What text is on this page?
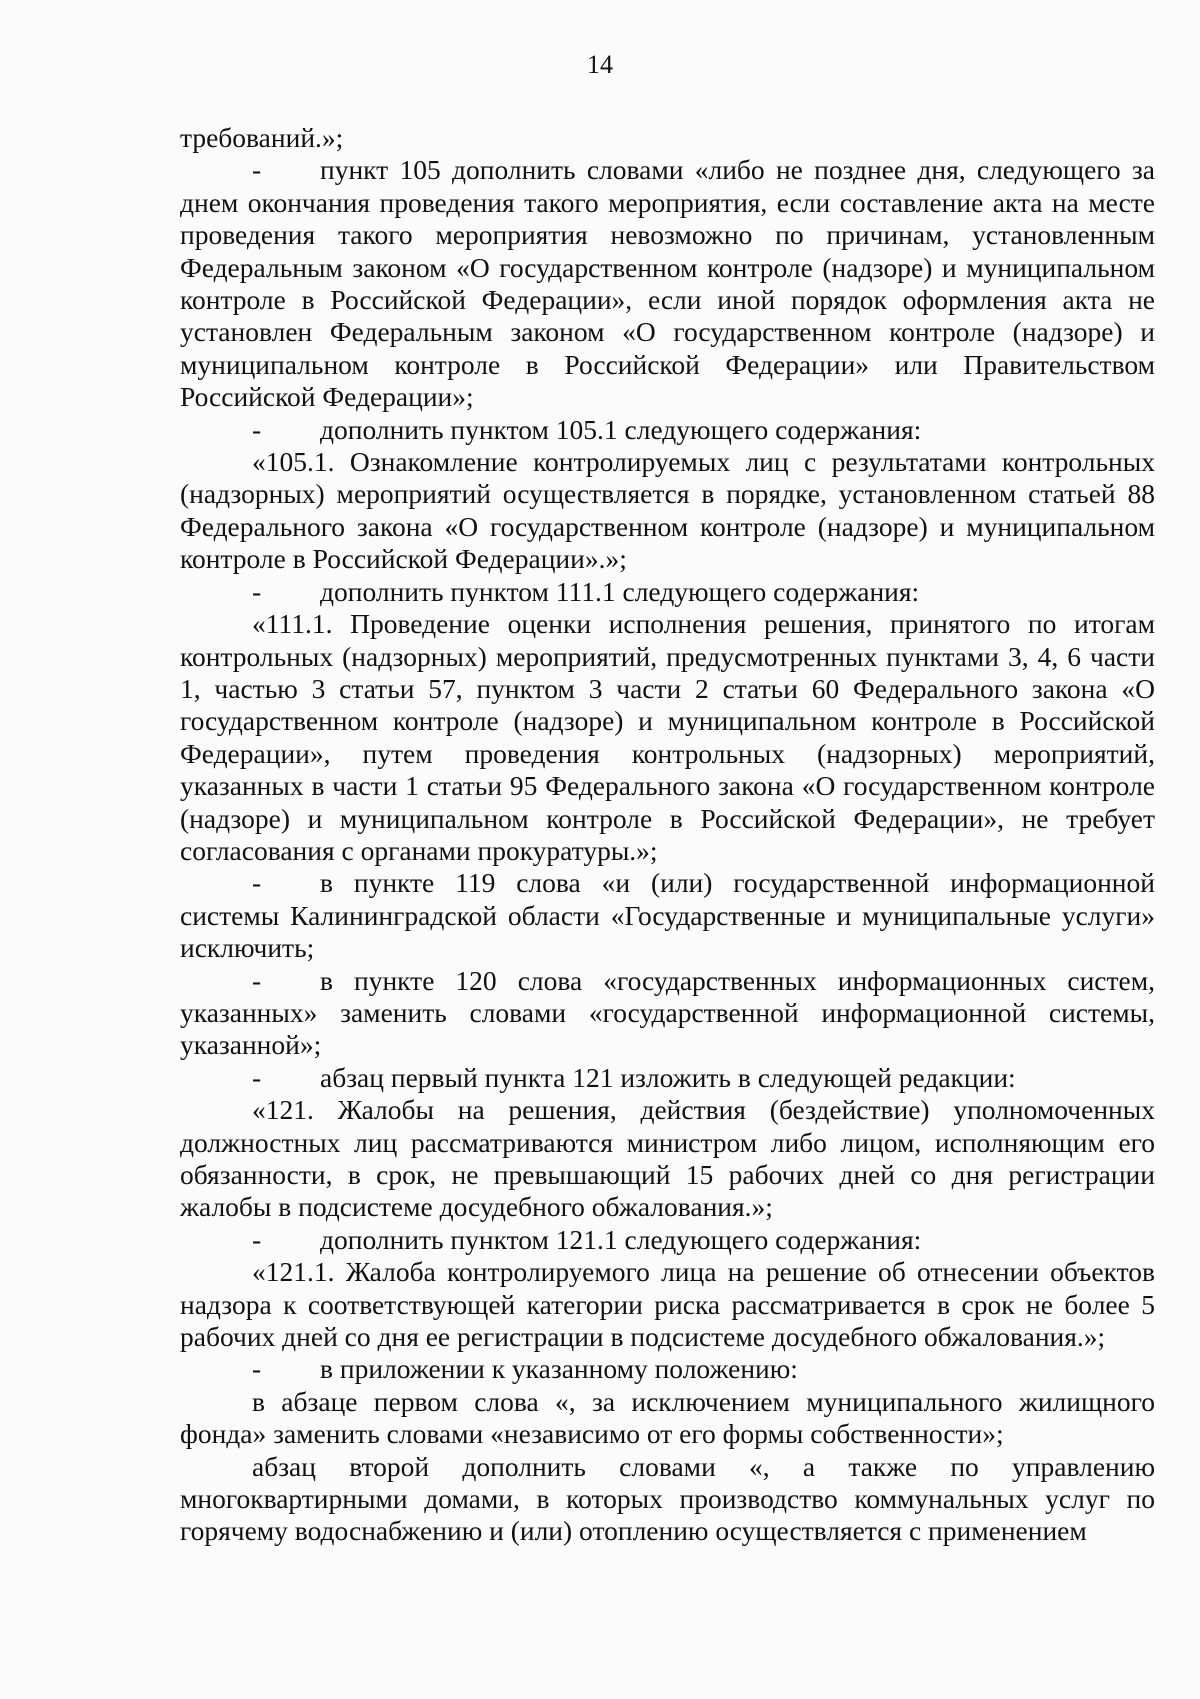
14

требований.»;

- пункт 105 дополнить словами «либо не позднее дня, следующего за днем окончания проведения такого мероприятия, если составление акта на месте проведения такого мероприятия невозможно по причинам, установленным Федеральным законом «О государственном контроле (надзоре) и муниципальном контроле в Российской Федерации», если иной порядок оформления акта не установлен Федеральным законом «О государственном контроле (надзоре) и муниципальном контроле в Российской Федерации» или Правительством Российской Федерации»;

- дополнить пунктом 105.1 следующего содержания:

«105.1. Ознакомление контролируемых лиц с результатами контрольных (надзорных) мероприятий осуществляется в порядке, установленном статьей 88 Федерального закона «О государственном контроле (надзоре) и муниципальном контроле в Российской Федерации».»;

- дополнить пунктом 111.1 следующего содержания:

«111.1. Проведение оценки исполнения решения, принятого по итогам контрольных (надзорных) мероприятий, предусмотренных пунктами 3, 4, 6 части 1, частью 3 статьи 57, пунктом 3 части 2 статьи 60 Федерального закона «О государственном контроле (надзоре) и муниципальном контроле в Российской Федерации», путем проведения контрольных (надзорных) мероприятий, указанных в части 1 статьи 95 Федерального закона «О государственном контроле (надзоре) и муниципальном контроле в Российской Федерации», не требует согласования с органами прокуратуры.»;

- в пункте 119 слова «и (или) государственной информационной системы Калининградской области «Государственные и муниципальные услуги» исключить;

- в пункте 120 слова «государственных информационных систем, указанных» заменить словами «государственной информационной системы, указанной»;

- абзац первый пункта 121 изложить в следующей редакции:

«121. Жалобы на решения, действия (бездействие) уполномоченных должностных лиц рассматриваются министром либо лицом, исполняющим его обязанности, в срок, не превышающий 15 рабочих дней со дня регистрации жалобы в подсистеме досудебного обжалования.»;

- дополнить пунктом 121.1 следующего содержания:

«121.1. Жалоба контролируемого лица на решение об отнесении объектов надзора к соответствующей категории риска рассматривается в срок не более 5 рабочих дней со дня ее регистрации в подсистеме досудебного обжалования.»;

- в приложении к указанному положению:

в абзаце первом слова «, за исключением муниципального жилищного фонда» заменить словами «независимо от его формы собственности»;

абзац второй дополнить словами «, а также по управлению многоквартирными домами, в которых производство коммунальных услуг по горячему водоснабжению и (или) отоплению осуществляется с применением
